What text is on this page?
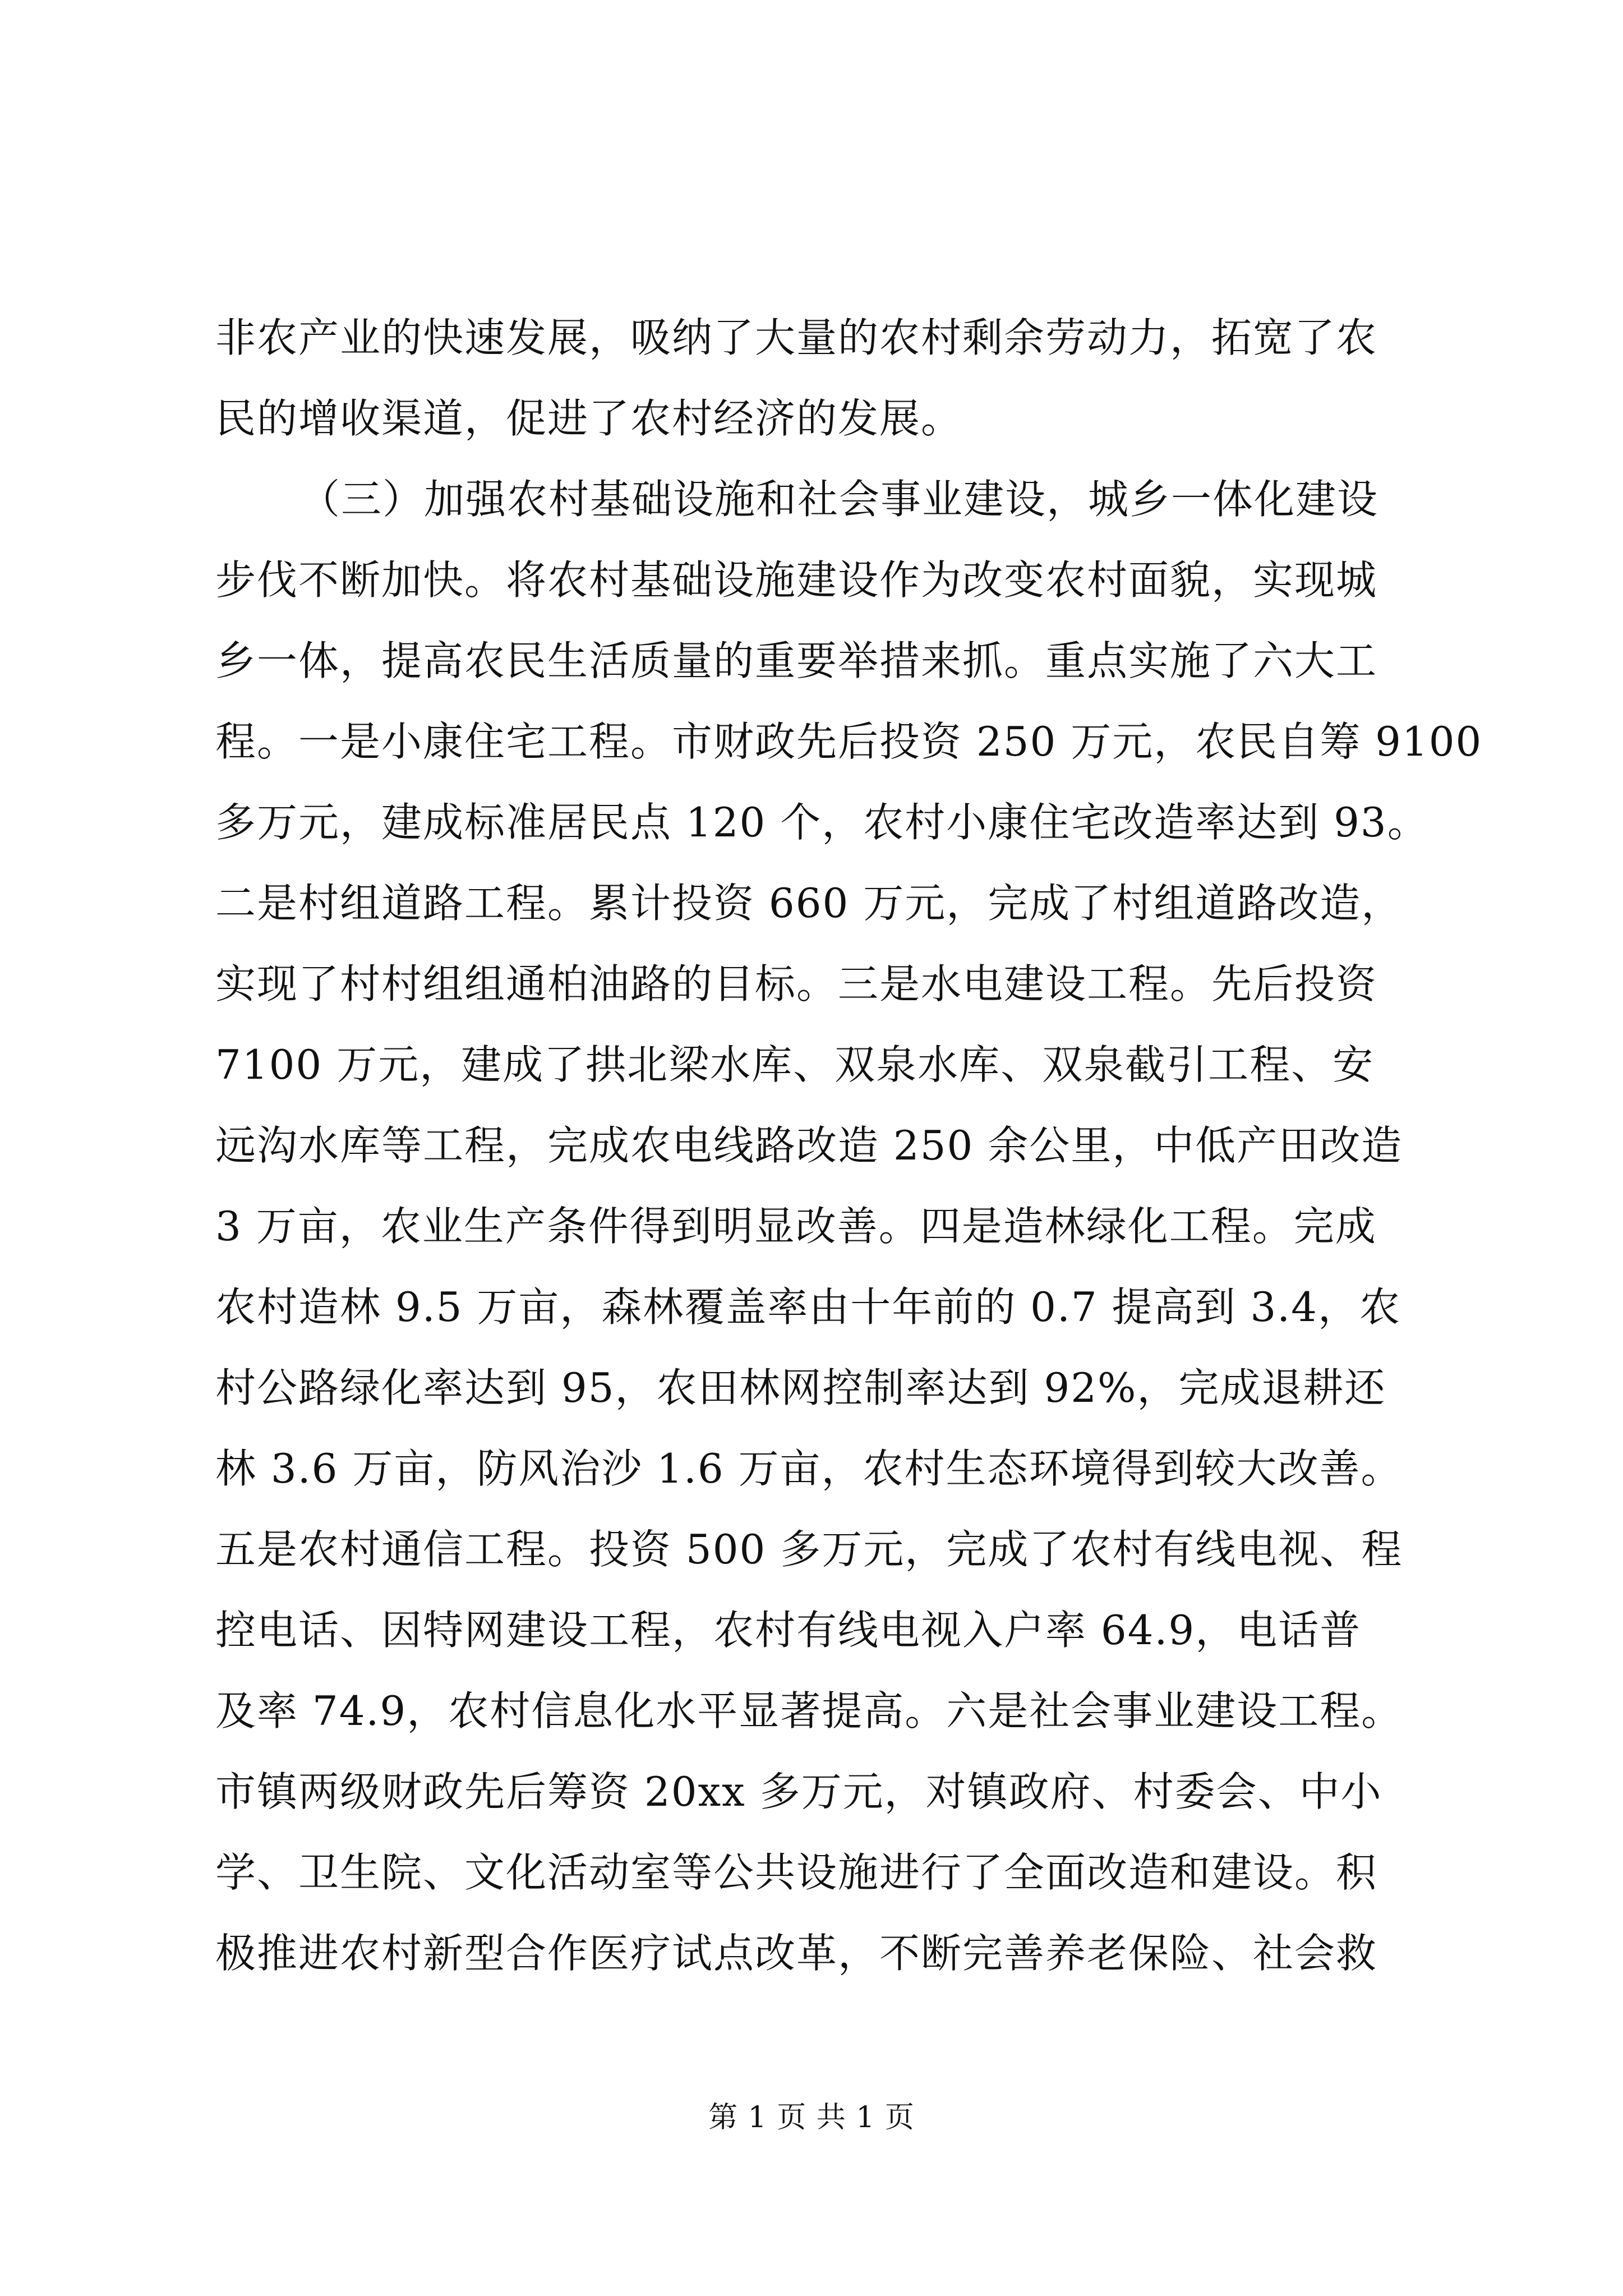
非农产业的快速发展，吸纳了大量的农村剩余劳动力，拓宽了农
民的增收渠道，促进了农村经济的发展。
（三）加强农村基础设施和社会事业建设，城乡一体化建设
步伐不断加快。将农村基础设施建设作为改变农村面貌，实现城
乡一体，提高农民生活质量的重要举措来抓。重点实施了六大工
程。一是小康住宅工程。市财政先后投资 250 万元，农民自筹 9100
多万元，建成标准居民点 120 个，农村小康住宅改造率达到 93。
二是村组道路工程。累计投资 660 万元，完成了村组道路改造，
实现了村村组组通柏油路的目标。三是水电建设工程。先后投资
7100 万元，建成了拱北梁水库、双泉水库、双泉截引工程、安
远沟水库等工程，完成农电线路改造 250 余公里，中低产田改造
3 万亩，农业生产条件得到明显改善。四是造林绿化工程。完成
农村造林 9.5 万亩，森林覆盖率由十年前的 0.7 提高到 3.4，农
村公路绿化率达到 95，农田林网控制率达到 92%，完成退耕还
林 3.6 万亩，防风治沙 1.6 万亩，农村生态环境得到较大改善。
五是农村通信工程。投资 500 多万元，完成了农村有线电视、程
控电话、因特网建设工程，农村有线电视入户率 64.9，电话普
及率 74.9，农村信息化水平显著提高。六是社会事业建设工程。
市镇两级财政先后筹资 20xx 多万元，对镇政府、村委会、中小
学、卫生院、文化活动室等公共设施进行了全面改造和建设。积
极推进农村新型合作医疗试点改革，不断完善养老保险、社会救
第 1 页 共 1 页
